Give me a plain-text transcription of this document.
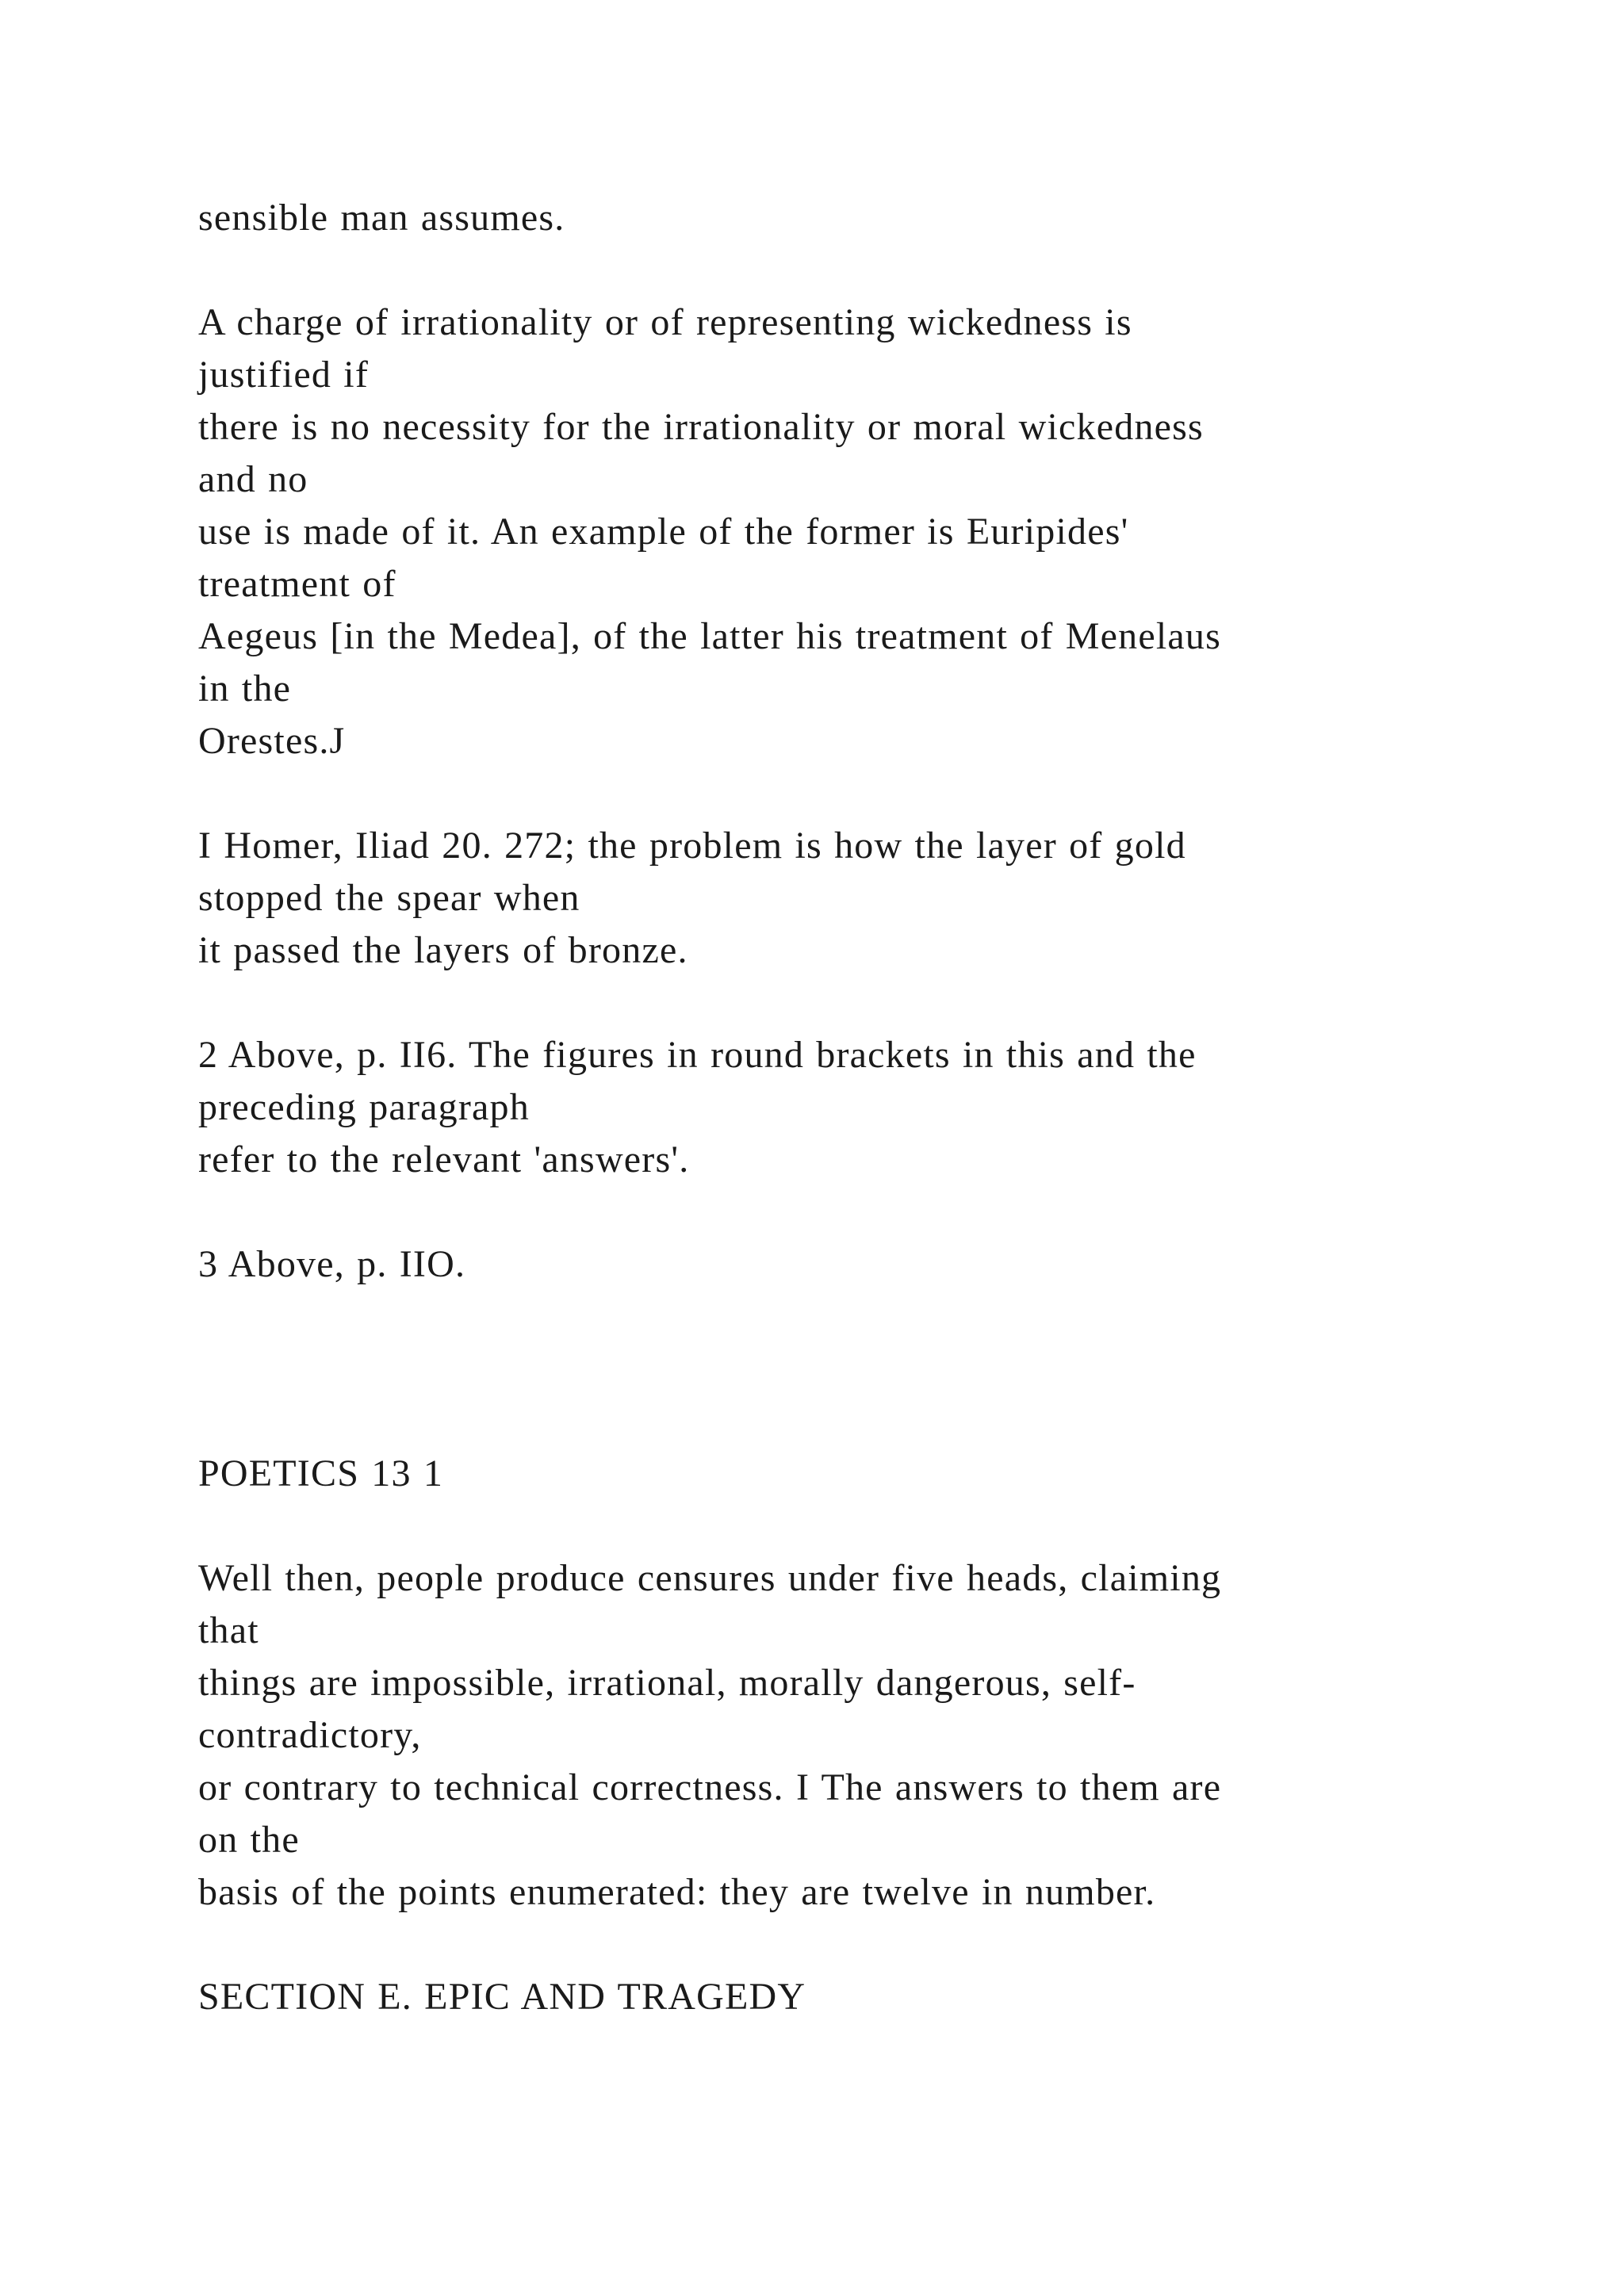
sensible man assumes.
A charge of irrationality or of representing wickedness is
justified if
there is no necessity for the irrationality or moral wickedness
and no
use is made of it. An example of the former is Euripides'
treatment of
Aegeus [in the Medea], of the latter his treatment of Menelaus
in the
Orestes.J
I Homer, Iliad 20. 272; the problem is how the layer of gold
stopped the spear when
it passed the layers of bronze.
2 Above, p. II6. The figures in round brackets in this and the
preceding paragraph
refer to the relevant 'answers'.
3 Above, p. IIO.
POETICS 13 1
Well then, people produce censures under five heads, claiming
that
things are impossible, irrational, morally dangerous, self-
contradictory,
or contrary to technical correctness. I The answers to them are
on the
basis of the points enumerated: they are twelve in number.
SECTION E. EPIC AND TRAGEDY
